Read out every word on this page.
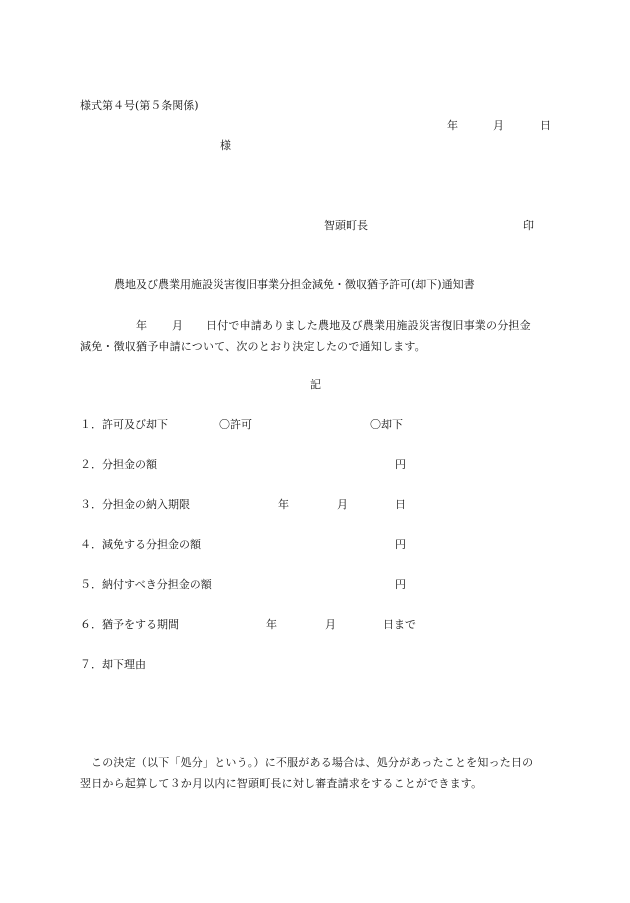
様式第４号(第５条関係)
年	月	日
様
智頭町長	印
農地及び農業用施設災害復旧事業分担金減免・徴収猶予許可(却下)通知書
年 月 日付で申請ありました農地及び農業用施設災害復旧事業の分担金
減免・徴収猶予申請について、次のとおり決定したので通知します。
記
１．許可及び却下	〇許可	〇却下
２．分担金の額	円
３．分担金の納入期限	年	月	日
４．減免する分担金の額	円
５．納付すべき分担金の額	円
６．猶予をする期間	年	月	日まで
７．却下理由
この決定（以下「処分」という。）に不服がある場合は、処分があったことを知った日の
翌日から起算して３か月以内に智頭町長に対し審査請求をすることができます。
